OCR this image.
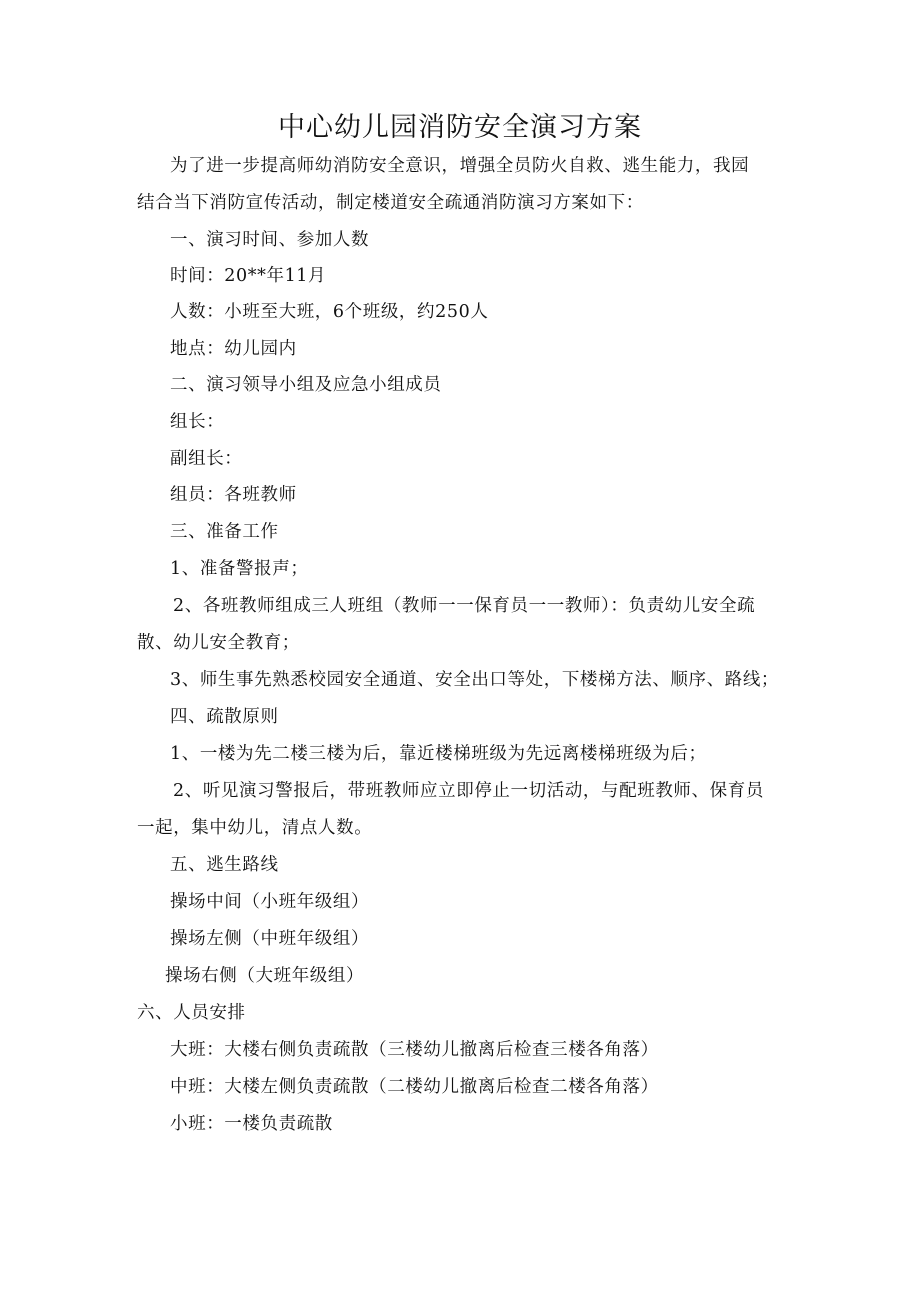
中心幼儿园消防安全演习方案
为了进一步提高师幼消防安全意识，增强全员防火自救、逃生能力，我园
结合当下消防宣传活动，制定楼道安全疏通消防演习方案如下：
一、演习时间、参加人数
时间：20**年11月
人数：小班至大班，6个班级，约250人
地点：幼儿园内
二、演习领导小组及应急小组成员
组长：
副组长：
组员：各班教师
三、准备工作
1、准备警报声；
2、各班教师组成三人班组（教师一一保育员一一教师）：负责幼儿安全疏
散、幼儿安全教育；
3、师生事先熟悉校园安全通道、安全出口等处，下楼梯方法、顺序、路线；
四、疏散原则
1、一楼为先二楼三楼为后，靠近楼梯班级为先远离楼梯班级为后；
2、听见演习警报后，带班教师应立即停止一切活动，与配班教师、保育员
一起，集中幼儿，清点人数。
五、逃生路线
操场中间（小班年级组）
操场左侧（中班年级组）
操场右侧（大班年级组）
六、人员安排
大班：大楼右侧负责疏散（三楼幼儿撤离后检查三楼各角落）
中班：大楼左侧负责疏散（二楼幼儿撤离后检查二楼各角落）
小班：一楼负责疏散
